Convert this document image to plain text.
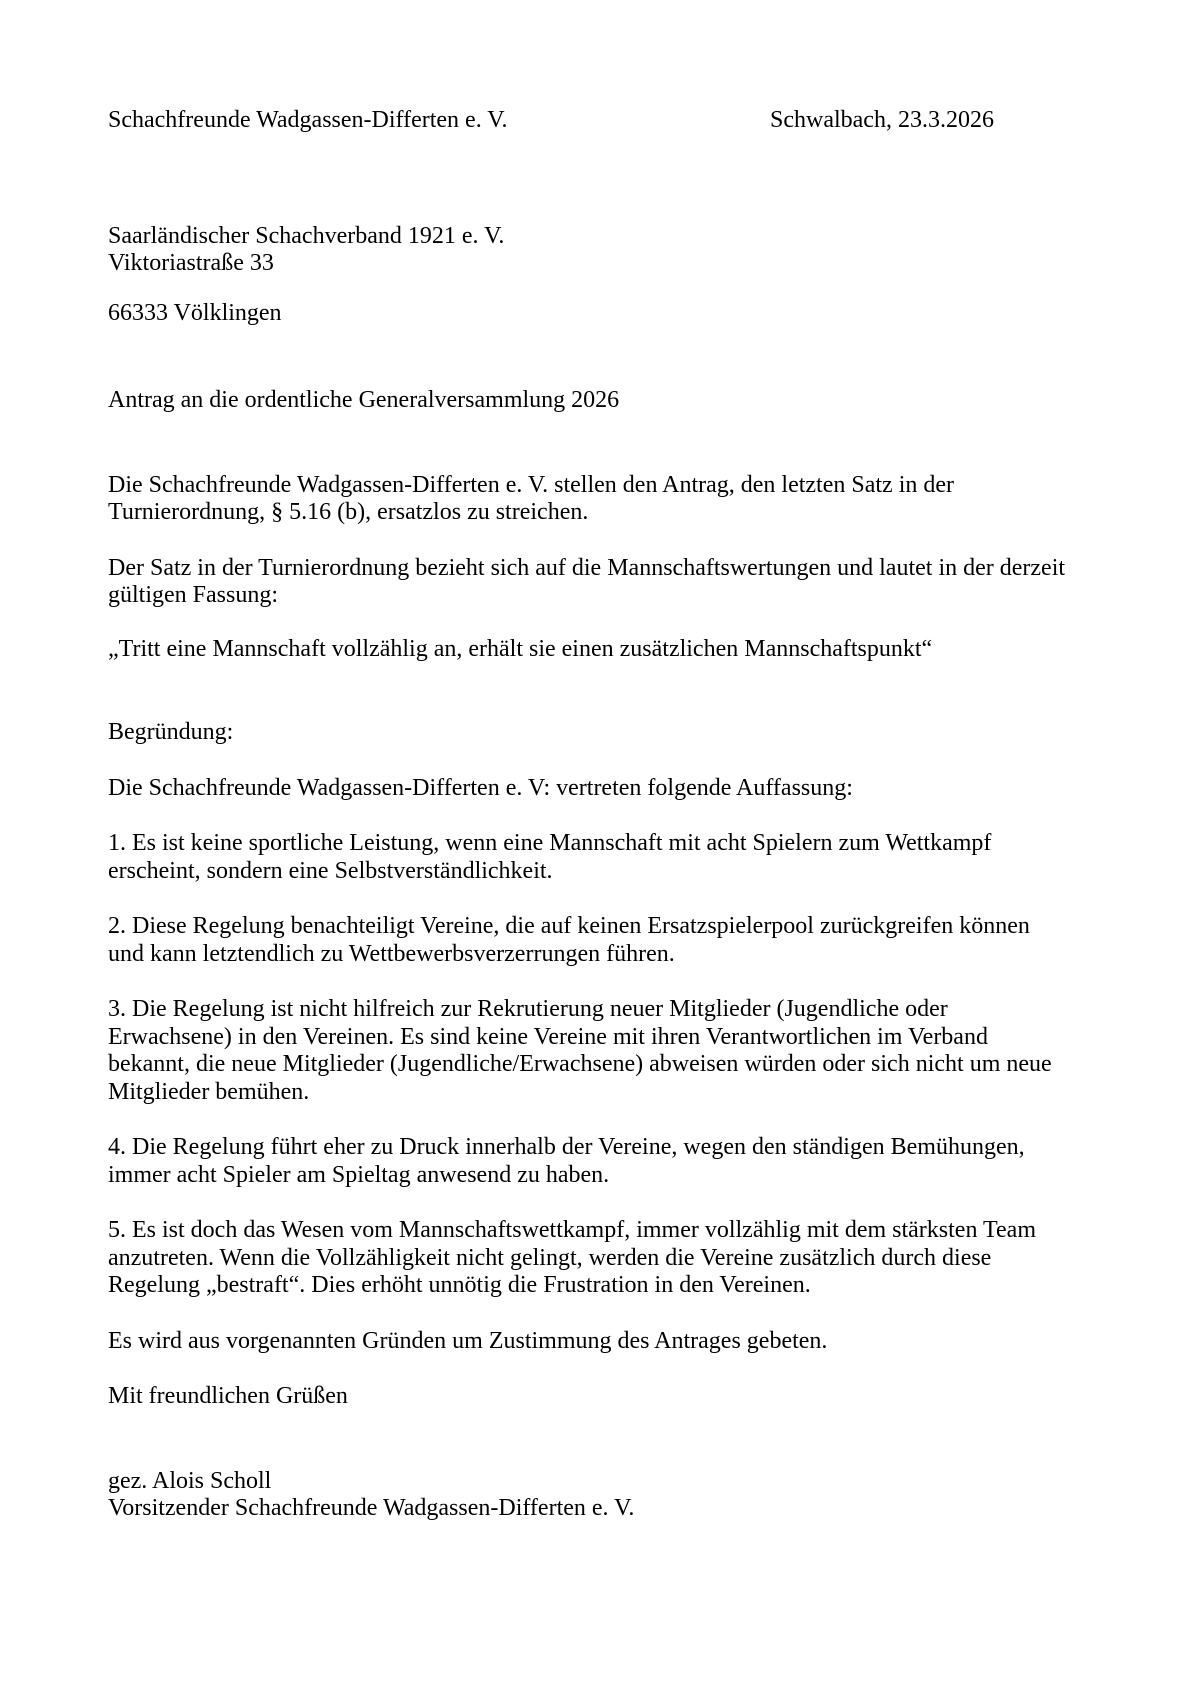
Schachfreunde Wadgassen-Differten e. V.	Schwalbach, 23.3.2026
Saarländischer Schachverband 1921 e. V.
Viktoriastraße 33
66333 Völklingen
Antrag an die ordentliche Generalversammlung 2026
Die Schachfreunde Wadgassen-Differten e. V. stellen den Antrag, den letzten Satz in der
Turnierordnung, § 5.16 (b), ersatzlos zu streichen.
Der Satz in der Turnierordnung bezieht sich auf die Mannschaftswertungen und lautet in der derzeit
gültigen Fassung:
„Tritt eine Mannschaft vollzählig an, erhält sie einen zusätzlichen Mannschaftspunkt“
Begründung:
Die Schachfreunde Wadgassen-Differten e. V: vertreten folgende Auffassung:
1. Es ist keine sportliche Leistung, wenn eine Mannschaft mit acht Spielern zum Wettkampf
erscheint, sondern eine Selbstverständlichkeit.
2. Diese Regelung benachteiligt Vereine, die auf keinen Ersatzspielerpool zurückgreifen können
und kann letztendlich zu Wettbewerbsverzerrungen führen.
3. Die Regelung ist nicht hilfreich zur Rekrutierung neuer Mitglieder (Jugendliche oder
Erwachsene) in den Vereinen. Es sind keine Vereine mit ihren Verantwortlichen im Verband
bekannt, die neue Mitglieder (Jugendliche/Erwachsene) abweisen würden oder sich nicht um neue
Mitglieder bemühen.
4. Die Regelung führt eher zu Druck innerhalb der Vereine, wegen den ständigen Bemühungen,
immer acht Spieler am Spieltag anwesend zu haben.
5. Es ist doch das Wesen vom Mannschaftswettkampf, immer vollzählig mit dem stärksten Team
anzutreten. Wenn die Vollzähligkeit nicht gelingt, werden die Vereine zusätzlich durch diese
Regelung „bestraft“. Dies erhöht unnötig die Frustration in den Vereinen.
Es wird aus vorgenannten Gründen um Zustimmung des Antrages gebeten.
Mit freundlichen Grüßen
gez. Alois Scholl
Vorsitzender Schachfreunde Wadgassen-Differten e. V.
